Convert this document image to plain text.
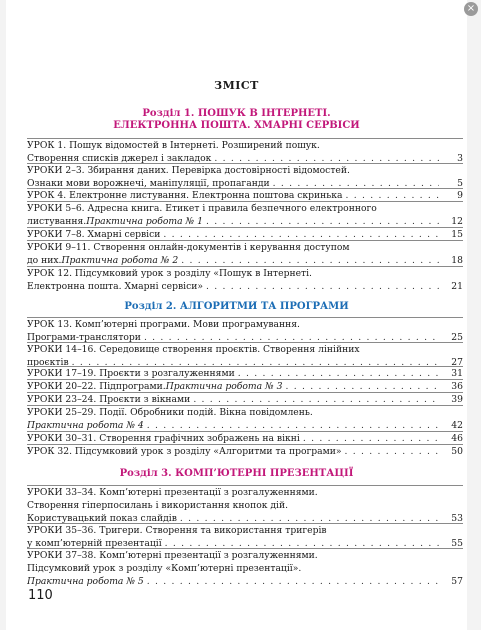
ЗМІСТ
Розділ 1. ПОШУК В ІНТЕРНЕТІ.
ЕЛЕКТРОННА ПОШТА. ХМАРНІ СЕРВІСИ
Розділ 2. АЛГОРИТМИ ТА ПРОГРАМИ
Розділ 3. КОМП’ЮТЕРНІ ПРЕЗЕНТАЦІЇ
УРОК 1. Пошук відомостей в Інтернеті. Розширений пошук.
Створення списків джерел і закладок . . .	3
УРОКИ 2–3. Збирання даних. Перевірка достовірності відомостей.
Ознаки мови ворожнечі, маніпуляції, пропаганди . . .	5
УРОК 4. Електронне листування. Електронна поштова скринька . . .	9
УРОКИ 5–6. Адресна книга. Етикет і правила безпечного електронного
листування. Практична робота № 1 . . .	12
УРОКИ 7–8. Хмарні сервіси . . .	15
УРОКИ 9–11. Створення онлайн-документів і керування доступом
до них. Практична робота № 2 . . .	18
УРОК 12. Підсумковий урок з розділу «Пошук в Інтернеті.
Електронна пошта. Хмарні сервіси» . . .	21
УРОК 13. Комп’ютерні програми. Мови програмування.
Програми-транслятори . . .	25
УРОКИ 14–16. Середовище створення проєктів. Створення лінійних
проєктів . . .	27
УРОКИ 17–19. Проєкти з розгалуженнями . . .	31
УРОКИ 20–22. Підпрограми. Практична робота № 3 . . .	36
УРОКИ 23–24. Проєкти з вікнами . . .	39
УРОКИ 25–29. Події. Обробники подій. Вікна повідомлень.
Практична робота № 4 . . .	42
УРОКИ 30–31. Створення графічних зображень на вікні . . .	46
УРОК 32. Підсумковий урок з розділу «Алгоритми та програми» . . .	50
УРОКИ 33–34. Комп’ютерні презентації з розгалуженнями.
Створення гіперпосилань і використання кнопок дій.
Користувацький показ слайдів . . .	53
УРОКИ 35–36. Тригери. Створення та використання тригерів
у комп’ютерній презентації . . .	55
УРОКИ 37–38. Комп’ютерні презентації з розгалуженнями.
Підсумковий урок з розділу «Комп’ютерні презентації».
Практична робота № 5 . . .	57
110
×
